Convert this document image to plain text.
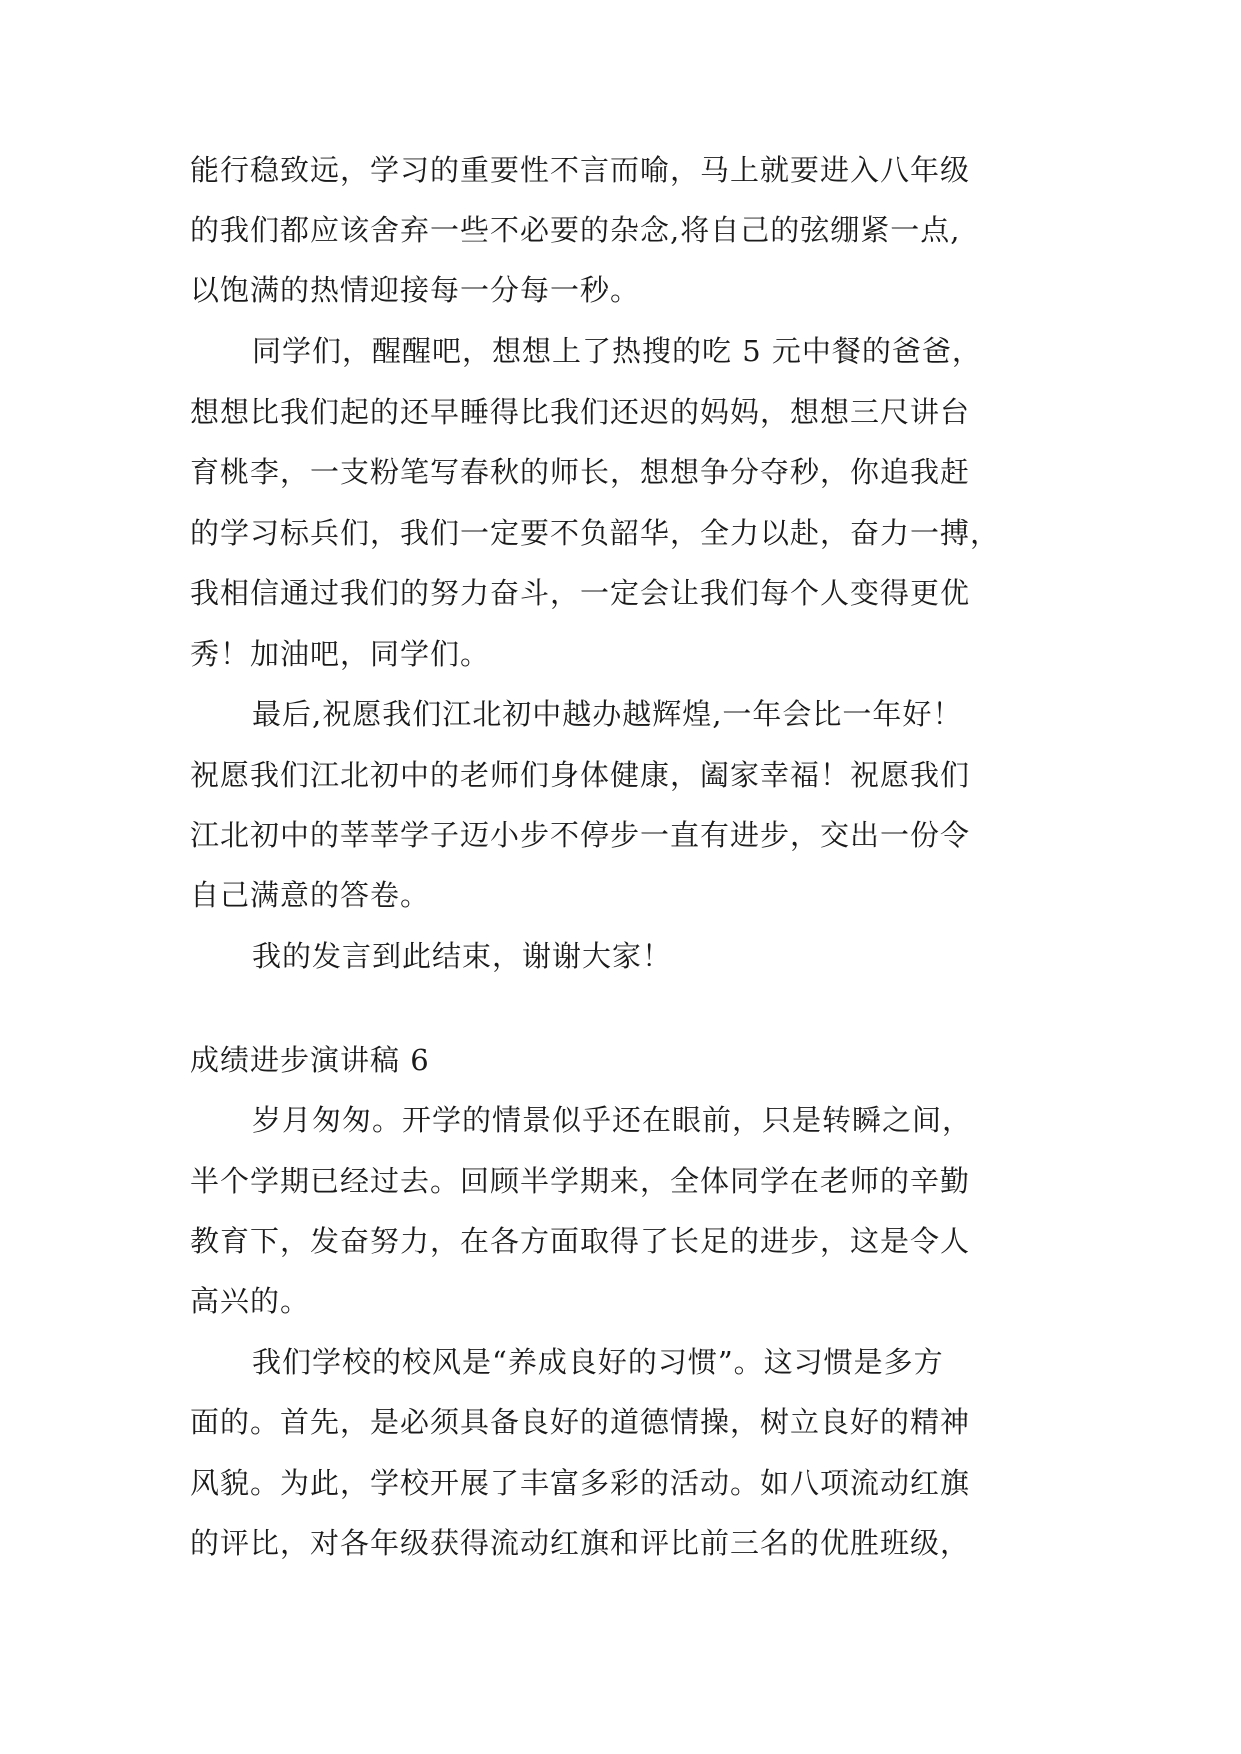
能行稳致远，学习的重要性不言而喻，马上就要进入八年级
的我们都应该舍弃一些不必要的杂念,将自己的弦绷紧一点,
以饱满的热情迎接每一分每一秒。
同学们，醒醒吧，想想上了热搜的吃 5 元中餐的爸爸，
想想比我们起的还早睡得比我们还迟的妈妈，想想三尺讲台
育桃李，一支粉笔写春秋的师长，想想争分夺秒，你追我赶
的学习标兵们，我们一定要不负韶华，全力以赴，奋力一搏，
我相信通过我们的努力奋斗，一定会让我们每个人变得更优
秀！加油吧，同学们。
最后,祝愿我们江北初中越办越辉煌,一年会比一年好！
祝愿我们江北初中的老师们身体健康，阖家幸福！祝愿我们
江北初中的莘莘学子迈小步不停步一直有进步，交出一份令
自己满意的答卷。
我的发言到此结束，谢谢大家！
成绩进步演讲稿 6
岁月匆匆。开学的情景似乎还在眼前，只是转瞬之间，
半个学期已经过去。回顾半学期来，全体同学在老师的辛勤
教育下，发奋努力，在各方面取得了长足的进步，这是令人
高兴的。
我们学校的校风是“养成良好的习惯”。这习惯是多方
面的。首先，是必须具备良好的道德情操，树立良好的精神
风貌。为此，学校开展了丰富多彩的活动。如八项流动红旗
的评比，对各年级获得流动红旗和评比前三名的优胜班级，
